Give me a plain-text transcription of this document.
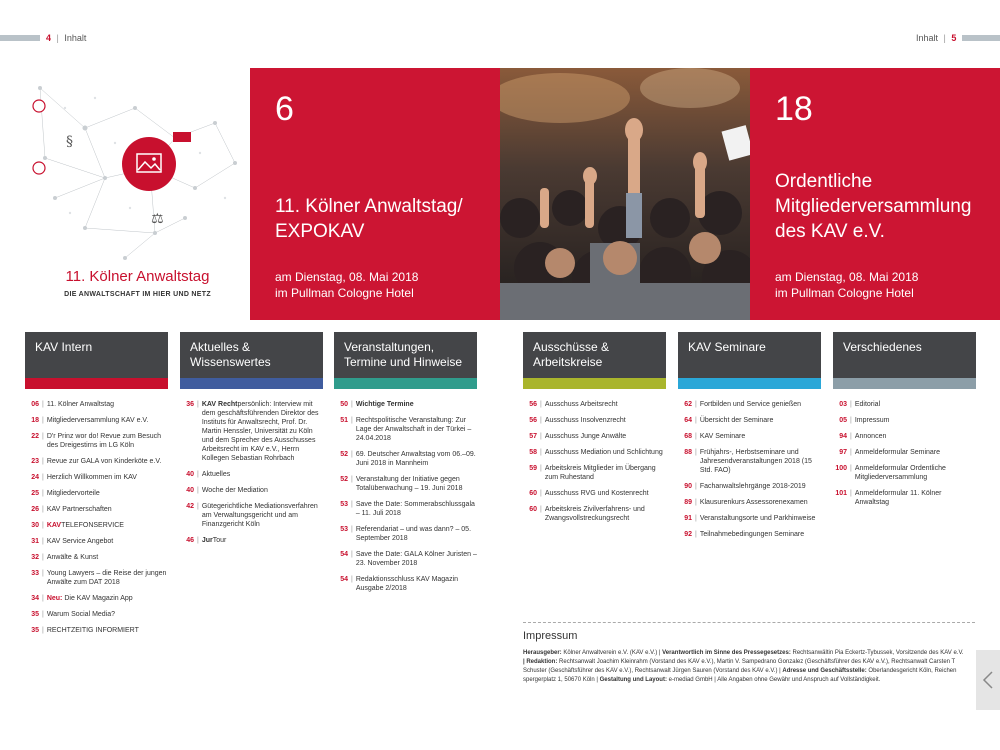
4 | Inhalt	Inhalt | 5
§
⚖
11. Kölner Anwaltstag
DIE ANWALTSCHAFT IM HIER UND NETZ
6
11. Kölner Anwaltstag/
EXPOKAV
am Dienstag, 08. Mai 2018
im Pullman Cologne Hotel
18
Ordentliche
Mitgliederversammlung
des KAV e.V.
am Dienstag, 08. Mai 2018
im Pullman Cologne Hotel
KAV Intern
06 | 11. Kölner Anwaltstag
18 | Mitgliederversammlung KAV e.V.
22 | D'r Prinz wor do! Revue zum Besuch des Dreigestirns im LG Köln
23 | Revue zur GALA von Kinderköte e.V.
24 | Herzlich Willkommen im KAV
25 | Mitgliedervorteile
26 | KAV Partnerschaften
30 | KAVTELEFONSERVICE
31 | KAV Service Angebot
32 | Anwälte & Kunst
33 | Young Lawyers – die Reise der jungen Anwälte zum DAT 2018
34 | Neu: Die KAV Magazin App
35 | Warum Social Media?
35 | RECHTZEITIG INFORMIERT
Aktuelles &
Wissenswertes
36 | KAV Rechtpersönlich: Interview mit dem geschäftsführenden Direktor des Instituts für Anwaltsrecht, Prof. Dr. Martin Henssler, Universität zu Köln und dem Sprecher des Ausschusses Arbeitsrecht im KAV e.V., Herrn Kollegen Sebastian Rohrbach
40 | Aktuelles
40 | Woche der Mediation
42 | Gütegerichtliche Mediationsverfahren am Verwaltungsgericht und am Finanzgericht Köln
46 | JurTour
Veranstaltungen,
Termine und Hinweise
50 | Wichtige Termine
51 | Rechtspolitische Veranstaltung: Zur Lage der Anwaltschaft in der Türkei – 24.04.2018
52 | 69. Deutscher Anwaltstag vom 06.–09. Juni 2018 in Mannheim
52 | Veranstaltung der Initiative gegen Totalüberwachung – 19. Juni 2018
53 | Save the Date: Sommerabschlussgala – 11. Juli 2018
53 | Referendariat – und was dann? – 05. September 2018
54 | Save the Date: GALA Kölner Juristen – 23. November 2018
54 | Redaktionsschluss KAV Magazin Ausgabe 2/2018
Ausschüsse &
Arbeitskreise
56 | Ausschuss Arbeitsrecht
56 | Ausschuss Insolvenzrecht
57 | Ausschuss Junge Anwälte
58 | Ausschuss Mediation und Schlichtung
59 | Arbeitskreis Mitglieder im Übergang zum Ruhestand
60 | Ausschuss RVG und Kostenrecht
60 | Arbeitskreis Zivilverfahrens- und Zwangsvollstreckungsrecht
KAV Seminare
62 | Fortbilden und Service genießen
64 | Übersicht der Seminare
68 | KAV Seminare
88 | Frühjahrs-, Herbstseminare und Jahresendveranstaltungen 2018 (15 Std. FAO)
90 | Fachanwaltslehrgänge 2018-2019
89 | Klausurenkurs Assessorenexamen
91 | Veranstaltungsorte und Parkhinweise
92 | Teilnahmebedingungen Seminare
Verschiedenes
03 | Editorial
05 | Impressum
94 | Annoncen
97 | Anmeldeformular Seminare
100 | Anmeldeformular Ordentliche Mitgliederversammlung
101 | Anmeldeformular 11. Kölner Anwaltstag
Impressum

Herausgeber: Kölner Anwaltverein e.V. (KAV e.V.) | Verantwortlich im Sinne des Pressegesetzes: Rechtsanwältin Pia Eckertz-Tybussek, Vorsitzende des KAV e.V.

| Redaktion: Rechtsanwalt Joachim Kleinrahm (Vorstand des KAV e.V.), Martin V. Sampedrano Gonzalez (Geschäftsführer des KAV e.V.), Rechtsanwalt Carsten T

Schuster (Geschäftsführer des KAV e.V.), Rechtsanwalt Jürgen Sauren (Vorstand des KAV e.V.) | Adresse und Geschäftsstelle: Oberlandesgericht Köln, Reichen

spergerplatz 1, 50670 Köln | Gestaltung und Layout: e-mediad GmbH | Alle Angaben ohne Gewähr und Anspruch auf Vollständigkeit.
